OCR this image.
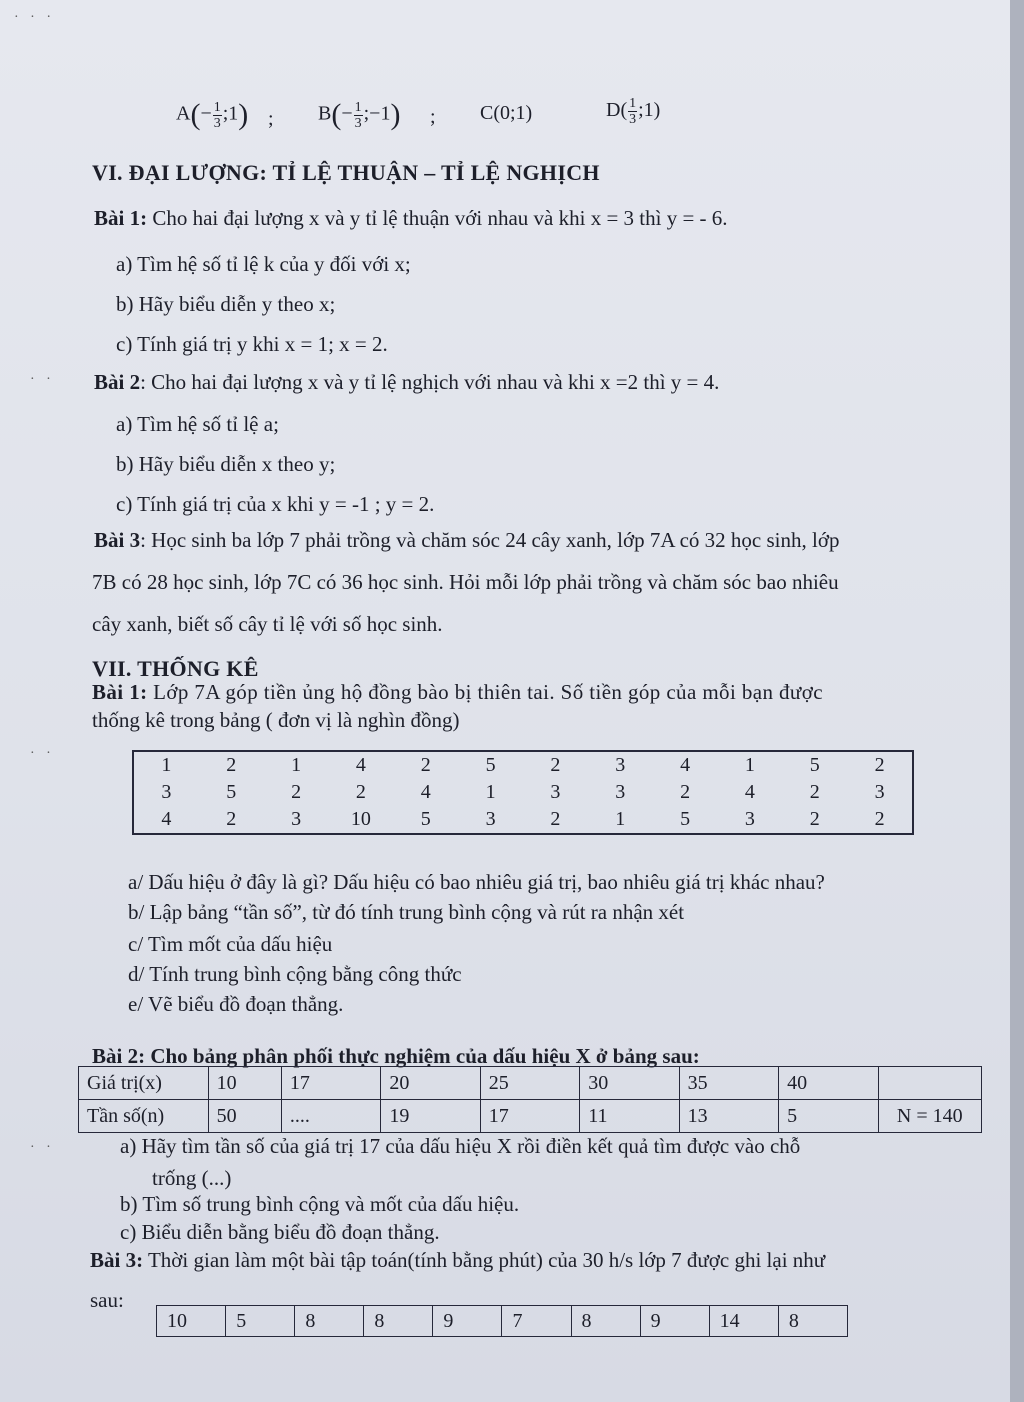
· · ·
· ·
· ·
· ·
$A(- \frac{1}{3}$ ;1) ; $B(- \frac{1}{3}$ ;−1) ; C(0;1)	$D( \frac{1}{3}$ ;1)
VI. ĐẠI LƯỢNG: TỈ LỆ THUẬN – TỈ LỆ NGHỊCH
Bài 1: Cho hai đại lượng x và y tỉ lệ thuận với nhau và khi x = 3 thì y = - 6.
a) Tìm hệ số tỉ lệ k của y đối với x;
b) Hãy biểu diễn y theo x;
c) Tính giá trị y khi x = 1; x = 2.
Bài 2: Cho hai đại lượng x và y tỉ lệ nghịch với nhau và khi x =2 thì y = 4.
a) Tìm hệ số tỉ lệ a;
b) Hãy biểu diễn x theo y;
c) Tính giá trị của x khi y = -1 ; y = 2.
Bài 3: Học sinh ba lớp 7 phải trồng và chăm sóc 24 cây xanh, lớp 7A có 32 học sinh, lớp
7B có 28 học sinh, lớp 7C có 36 học sinh. Hỏi mỗi lớp phải trồng và chăm sóc bao nhiêu
cây xanh, biết số cây tỉ lệ với số học sinh.
VII. THỐNG KÊ
Bài 1: Lớp 7A góp tiền ủng hộ đồng bào bị thiên tai. Số tiền góp của mỗi bạn được
thống kê trong bảng ( đơn vị là nghìn đồng)
1	2	1	4	2	5	2	3	4	1	5	2
3	5	2	2	4	1	3	3	2	4	2	3
4	2	3	10	5	3	2	1	5	3	2	2
a/ Dấu hiệu ở đây là gì? Dấu hiệu có bao nhiêu giá trị, bao nhiêu giá trị khác nhau?
b/ Lập bảng “tần số”, từ đó tính trung bình cộng và rút ra nhận xét
c/ Tìm mốt của dấu hiệu
d/ Tính trung bình cộng bằng công thức
e/ Vẽ biểu đồ đoạn thẳng.
Bài 2: Cho bảng phân phối thực nghiệm của dấu hiệu X ở bảng sau:
Giá trị(x)	10	17	20	25	30	35	40	
Tần số(n)	50	....	19	17	11	13	5	N = 140
a) Hãy tìm tần số của giá trị 17 của dấu hiệu X rồi điền kết quả tìm được vào chỗ
trống (...)
b) Tìm số trung bình cộng và mốt của dấu hiệu.
c) Biểu diễn bằng biểu đồ đoạn thẳng.
Bài 3: Thời gian làm một bài tập toán(tính bằng phút) của 30 h/s lớp 7 được ghi lại như
sau:
10	5	8	8	9	7	8	9	14	8
